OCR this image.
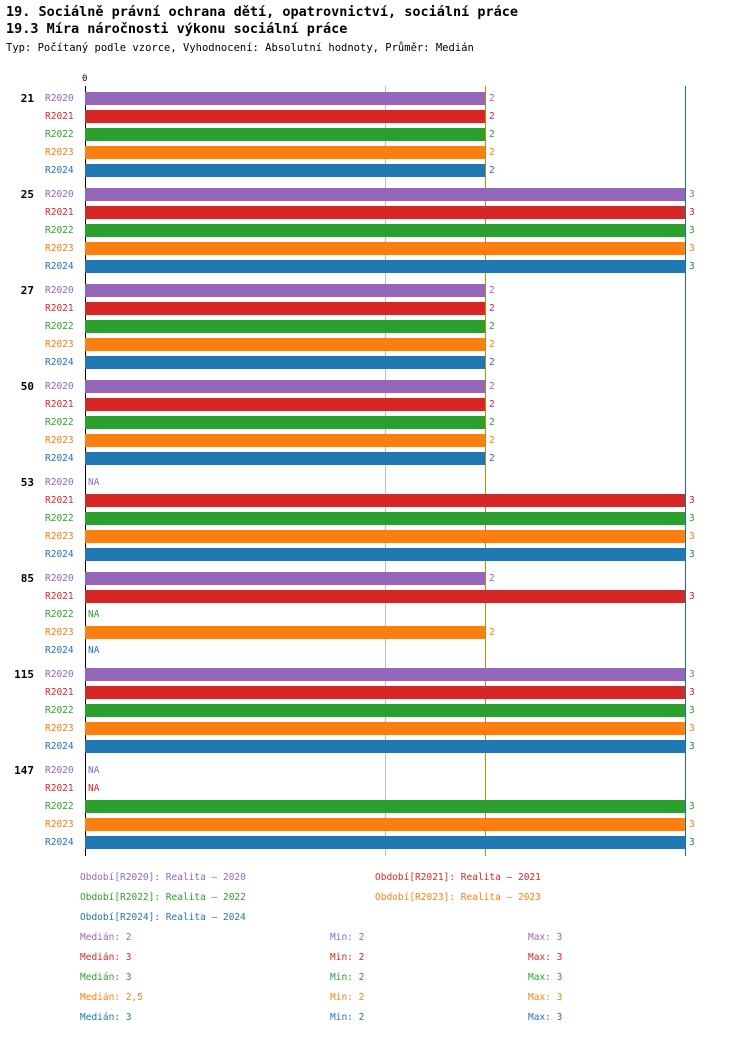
19. Sociálně právní ochrana dětí, opatrovnictví, sociální práce
19.3 Míra náročnosti výkonu sociální práce
Typ: Počítaný podle vzorce, Vyhodnocení: Absolutní hodnoty, Průměr: Medián
0
21 R2020	2
R2021	2
R2022	2
R2023	2
R2024	2
25 R2020	3
R2021	3
R2022	3
R2023	3
R2024	3
27 R2020	2
R2021	2
R2022	2
R2023	2
R2024	2
50 R2020	2
R2021	2
R2022	2
R2023	2
R2024	2
53 R2020 NA
R2021	3
R2022	3
R2023	3
R2024	3
85 R2020	2
R2021	3
R2022 NA
R2023	2
R2024 NA
115 R2020	3
R2021	3
R2022	3
R2023	3
R2024	3
147 R2020 NA
R2021 NA
R2022	3
R2023	3
R2024	3
Období[R2020]: Realita – 2020	Období[R2021]: Realita – 2021
Období[R2022]: Realita – 2022	Období[R2023]: Realita – 2023
Období[R2024]: Realita – 2024
Medián: 2	Min: 2	Max: 3
Medián: 3	Min: 2	Max: 3
Medián: 3	Min: 2	Max: 3
Medián: 2,5	Min: 2	Max: 3
Medián: 3	Min: 2	Max: 3
